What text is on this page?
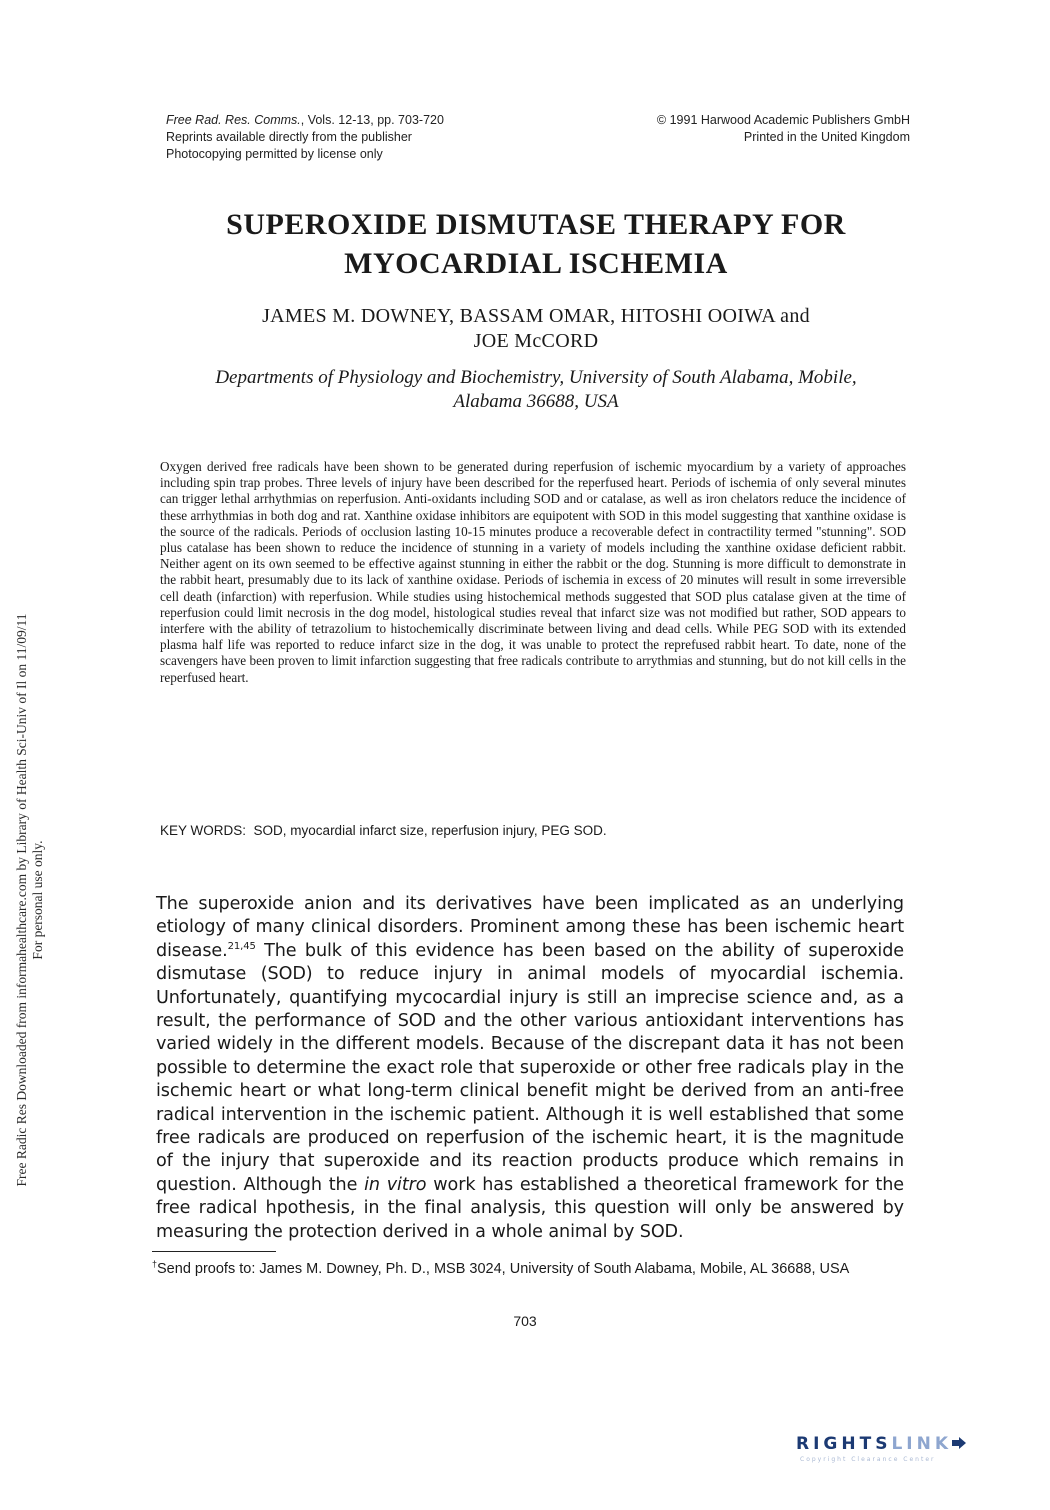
Free Radic Res Downloaded from informahealthcare.com by Library of Health Sci-Univ of Il on 11/09/11 For personal use only.
Free Rad. Res. Comms., Vols. 12-13, pp. 703-720
Reprints available directly from the publisher
Photocopying permitted by license only
© 1991 Harwood Academic Publishers GmbH
Printed in the United Kingdom
SUPEROXIDE DISMUTASE THERAPY FOR
MYOCARDIAL ISCHEMIA
JAMES M. DOWNEY, BASSAM OMAR, HITOSHI OOIWA and
JOE McCORD
Departments of Physiology and Biochemistry, University of South Alabama, Mobile,
Alabama 36688, USA
Oxygen derived free radicals have been shown to be generated during reperfusion of ischemic myocardium by a variety of approaches including spin trap probes. Three levels of injury have been described for the reperfused heart. Periods of ischemia of only several minutes can trigger lethal arrhythmias on reperfusion. Anti-oxidants including SOD and or catalase, as well as iron chelators reduce the incidence of these arrhythmias in both dog and rat. Xanthine oxidase inhibitors are equipotent with SOD in this model suggesting that xanthine oxidase is the source of the radicals. Periods of occlusion lasting 10-15 minutes produce a recoverable defect in contractility termed "stunning". SOD plus catalase has been shown to reduce the incidence of stunning in a variety of models including the xanthine oxidase deficient rabbit. Neither agent on its own seemed to be effective against stunning in either the rabbit or the dog. Stunning is more difficult to demonstrate in the rabbit heart, presumably due to its lack of xanthine oxidase. Periods of ischemia in excess of 20 minutes will result in some irreversible cell death (infarction) with reperfusion. While studies using histochemical methods suggested that SOD plus catalase given at the time of reperfusion could limit necrosis in the dog model, histological studies reveal that infarct size was not modified but rather, SOD appears to interfere with the ability of tetrazolium to histochemically discriminate between living and dead cells. While PEG SOD with its extended plasma half life was reported to reduce infarct size in the dog, it was unable to protect the reprefused rabbit heart. To date, none of the scavengers have been proven to limit infarction suggesting that free radicals contribute to arrythmias and stunning, but do not kill cells in the reperfused heart.
KEY WORDS: SOD, myocardial infarct size, reperfusion injury, PEG SOD.
The superoxide anion and its derivatives have been implicated as an underlying etiology of many clinical disorders. Prominent among these has been ischemic heart disease.$^{21,45}$ The bulk of this evidence has been based on the ability of superoxide dismutase (SOD) to reduce injury in animal models of myocardial ischemia. Unfortunately, quantifying mycocardial injury is still an imprecise science and, as a result, the performance of SOD and the other various antioxidant interventions has varied widely in the different models. Because of the discrepant data it has not been possible to determine the exact role that superoxide or other free radicals play in the ischemic heart or what long-term clinical benefit might be derived from an anti-free radical intervention in the ischemic patient. Although it is well established that some free radicals are produced on reperfusion of the ischemic heart, it is the magnitude of the injury that superoxide and its reaction products produce which remains in question. Although the in vitro work has established a theoretical framework for the free radical hpothesis, in the final analysis, this question will only be answered by measuring the protection derived in a whole animal by SOD.
†Send proofs to: James M. Downey, Ph. D., MSB 3024, University of South Alabama, Mobile, AL 36688, USA
703
RIGHTSLINK
Copyright Clearance Center
